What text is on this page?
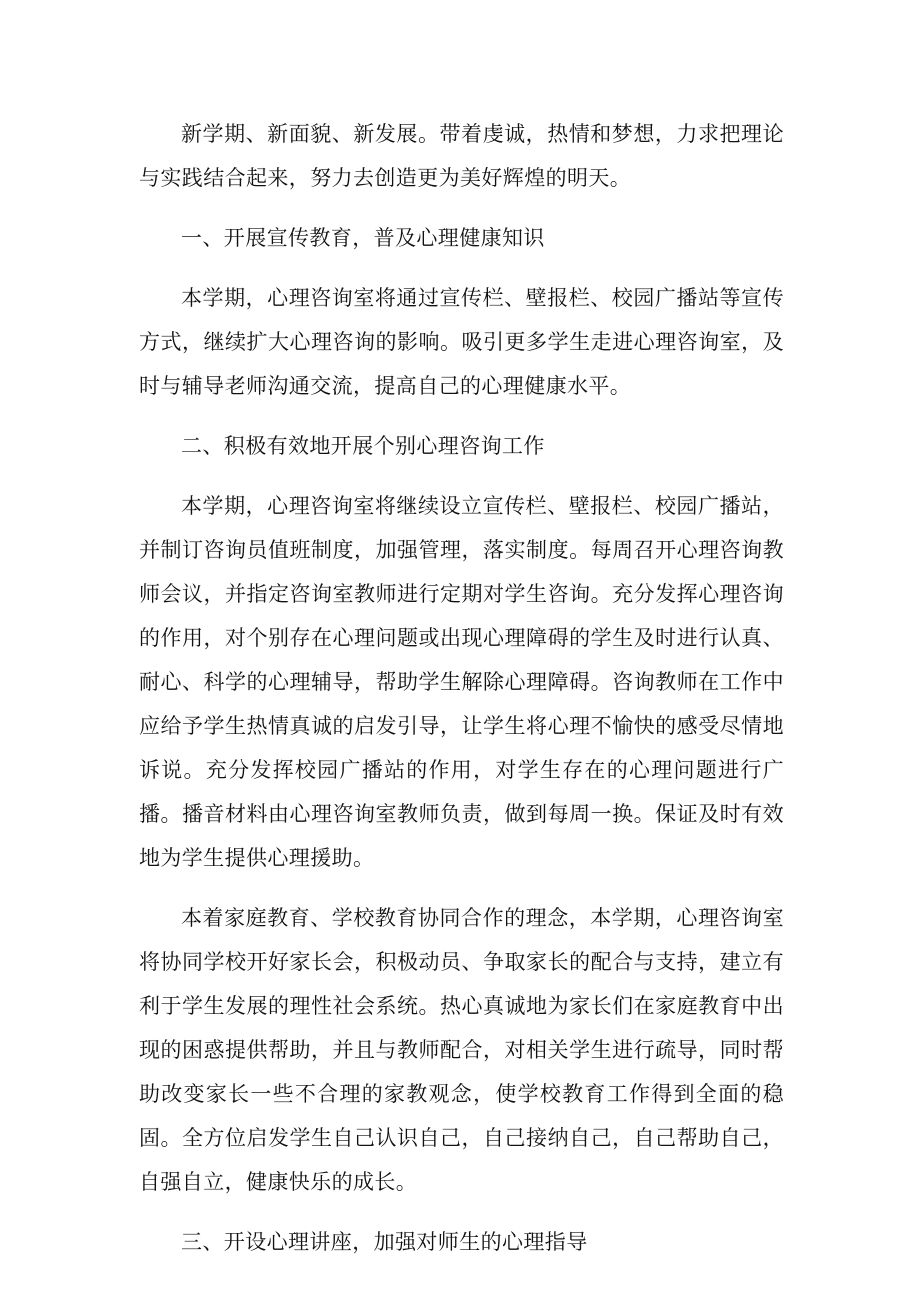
新学期、新面貌、新发展。带着虔诚，热情和梦想，力求把理论与实践结合起来，努力去创造更为美好辉煌的明天。

一、开展宣传教育，普及心理健康知识

本学期，心理咨询室将通过宣传栏、壁报栏、校园广播站等宣传方式，继续扩大心理咨询的影响。吸引更多学生走进心理咨询室，及时与辅导老师沟通交流，提高自己的心理健康水平。

二、积极有效地开展个别心理咨询工作

本学期，心理咨询室将继续设立宣传栏、壁报栏、校园广播站，并制订咨询员值班制度，加强管理，落实制度。每周召开心理咨询教师会议，并指定咨询室教师进行定期对学生咨询。充分发挥心理咨询的作用，对个别存在心理问题或出现心理障碍的学生及时进行认真、耐心、科学的心理辅导，帮助学生解除心理障碍。咨询教师在工作中应给予学生热情真诚的启发引导，让学生将心理不愉快的感受尽情地诉说。充分发挥校园广播站的作用，对学生存在的心理问题进行广播。播音材料由心理咨询室教师负责，做到每周一换。保证及时有效地为学生提供心理援助。

本着家庭教育、学校教育协同合作的理念，本学期，心理咨询室将协同学校开好家长会，积极动员、争取家长的配合与支持，建立有利于学生发展的理性社会系统。热心真诚地为家长们在家庭教育中出现的困惑提供帮助，并且与教师配合，对相关学生进行疏导，同时帮助改变家长一些不合理的家教观念，使学校教育工作得到全面的稳固。全方位启发学生自己认识自己，自己接纳自己，自己帮助自己，自强自立，健康快乐的成长。

三、开设心理讲座，加强对师生的心理指导
